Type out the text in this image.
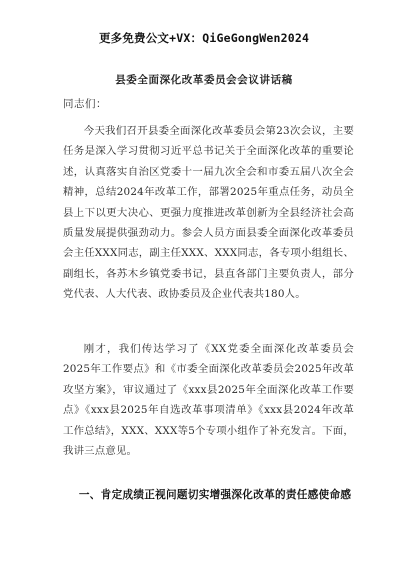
更多免费公文+VX：QiGeGongWen2024
县委全面深化改革委员会会议讲话稿
同志们：

今天我们召开县委全面深化改革委员会第23次会议，主要任务是深入学习贯彻习近平总书记关于全面深化改革的重要论述，认真落实自治区党委十一届九次全会和市委五届八次全会精神，总结2024年改革工作，部署2025年重点任务，动员全县上下以更大决心、更强力度推进改革创新为全县经济社会高质量发展提供强劲动力。参会人员方面县委全面深化改革委员会主任XXX同志，副主任XXX、XXX同志，各专项小组组长、副组长，各苏木乡镇党委书记，县直各部门主要负责人，部分党代表、人大代表、政协委员及企业代表共180人。

刚才，我们传达学习了《XX党委全面深化改革委员会2025年工作要点》和《市委全面深化改革委员会2025年改革攻坚方案》，审议通过了《xxx县2025年全面深化改革工作要点》《xxx县2025年自选改革事项清单》《xxx县2024年改革工作总结》，XXX、XXX等5个专项小组作了补充发言。下面，我讲三点意见。

一、肯定成绩正视问题切实增强深化改革的责任感使命感
